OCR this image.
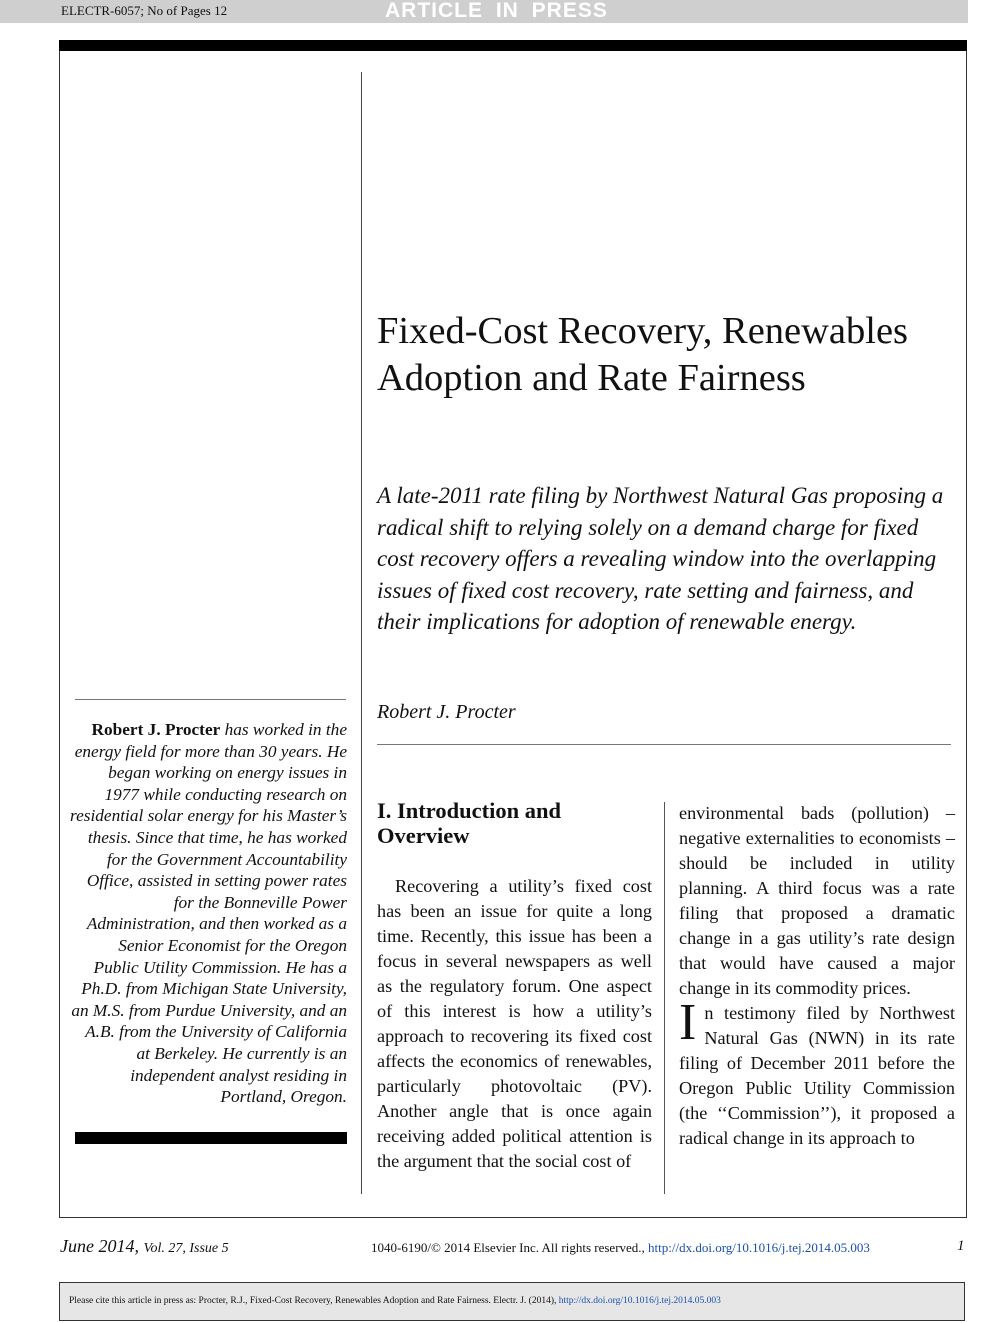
ELECTR-6057; No of Pages 12	ARTICLE IN PRESS
Fixed-Cost Recovery, Renewables Adoption and Rate Fairness

A late-2011 rate filing by Northwest Natural Gas proposing a radical shift to relying solely on a demand charge for fixed cost recovery offers a revealing window into the overlapping issues of fixed cost recovery, rate setting and fairness, and their implications for adoption of renewable energy.

Robert J. Procter

Robert J. Procter has worked in the energy field for more than 30 years. He began working on energy issues in 1977 while conducting research on residential solar energy for his Master’s thesis. Since that time, he has worked for the Government Accountability Office, assisted in setting power rates for the Bonneville Power Administration, and then worked as a Senior Economist for the Oregon Public Utility Commission. He has a Ph.D. from Michigan State University, an M.S. from Purdue University, and an A.B. from the University of California at Berkeley. He currently is an independent analyst residing in Portland, Oregon.

I. Introduction and Overview

Recovering a utility’s fixed cost has been an issue for quite a long time. Recently, this issue has been a focus in several newspapers as well as the regulatory forum. One aspect of this interest is how a utility’s approach to recovering its fixed cost affects the economics of renewables, particularly photovoltaic (PV). Another angle that is once again receiving added political attention is the argument that the social cost of

environmental bads (pollution) – negative externalities to economists – should be included in utility planning. A third focus was a rate filing that proposed a dramatic change in a gas utility’s rate design that would have caused a major change in its commodity prices.

In testimony filed by Northwest Natural Gas (NWN) in its rate filing of December 2011 before the Oregon Public Utility Commission (the ‘‘Commission’’), it proposed a radical change in its approach to

June 2014, Vol. 27, Issue 5	1040-6190/© 2014 Elsevier Inc. All rights reserved., http://dx.doi.org/10.1016/j.tej.2014.05.003	1
Please cite this article in press as: Procter, R.J., Fixed-Cost Recovery, Renewables Adoption and Rate Fairness. Electr. J. (2014), http://dx.doi.org/10.1016/j.tej.2014.05.003
